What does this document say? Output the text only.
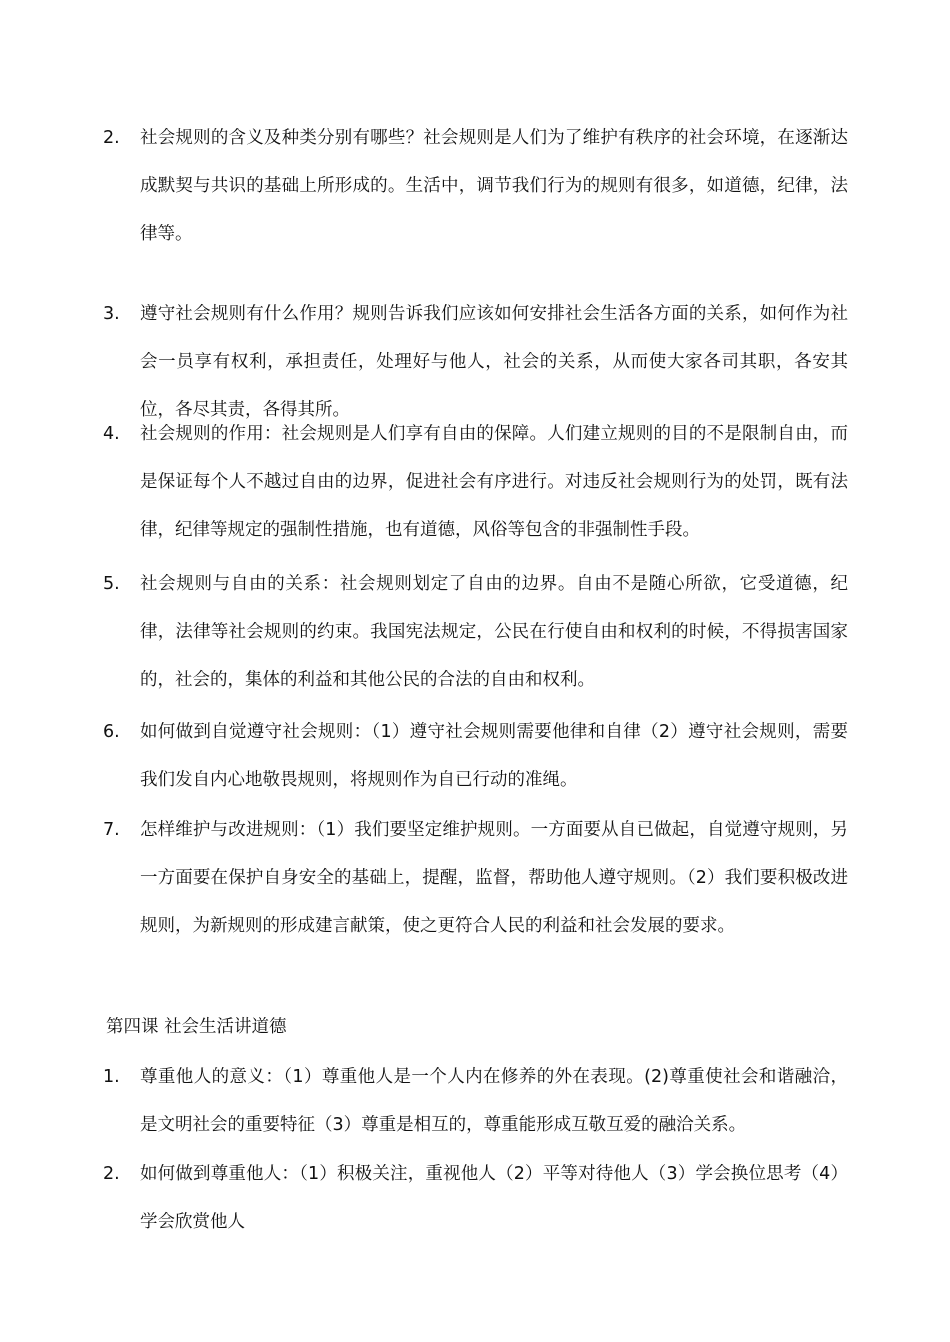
2.	社会规则的含义及种类分别有哪些？社会规则是人们为了维护有秩序的社会环境，在逐渐达成默契与共识的基础上所形成的。生活中，调节我们行为的规则有很多，如道德，纪律，法律等。
3.	遵守社会规则有什么作用？规则告诉我们应该如何安排社会生活各方面的关系，如何作为社会一员享有权利，承担责任，处理好与他人，社会的关系，从而使大家各司其职，各安其位，各尽其责，各得其所。
4.	社会规则的作用：社会规则是人们享有自由的保障。人们建立规则的目的不是限制自由，而是保证每个人不越过自由的边界，促进社会有序进行。对违反社会规则行为的处罚，既有法律，纪律等规定的强制性措施，也有道德，风俗等包含的非强制性手段。
5.	社会规则与自由的关系：社会规则划定了自由的边界。自由不是随心所欲，它受道德，纪律，法律等社会规则的约束。我国宪法规定，公民在行使自由和权利的时候，不得损害国家的，社会的，集体的利益和其他公民的合法的自由和权利。
6.	如何做到自觉遵守社会规则：（1）遵守社会规则需要他律和自律（2）遵守社会规则，需要我们发自内心地敬畏规则，将规则作为自已行动的准绳。
7.	怎样维护与改进规则：（1）我们要坚定维护规则。一方面要从自已做起，自觉遵守规则，另一方面要在保护自身安全的基础上，提醒，监督，帮助他人遵守规则。（2）我们要积极改进规则，为新规则的形成建言献策，使之更符合人民的利益和社会发展的要求。
第四课 社会生活讲道德
1.	尊重他人的意义：（1）尊重他人是一个人内在修养的外在表现。(2)尊重使社会和谐融洽，是文明社会的重要特征（3）尊重是相互的，尊重能形成互敬互爱的融洽关系。
2.	如何做到尊重他人：（1）积极关注，重视他人（2）平等对待他人（3）学会换位思考（4）学会欣赏他人
